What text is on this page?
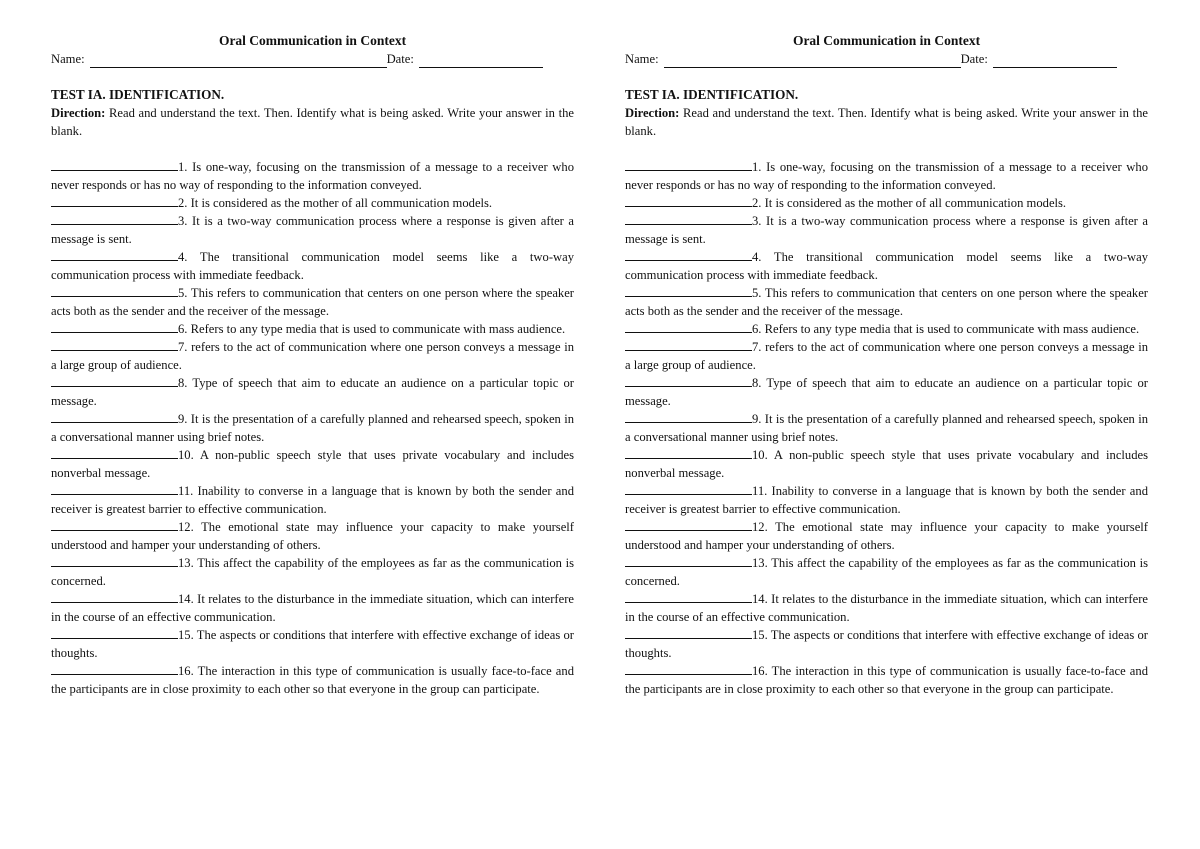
Oral Communication in Context
Name:	Date:
TEST IA. IDENTIFICATION.
Direction: Read and understand the text. Then. Identify what is being asked. Write your answer in the blank.
1. Is one-way, focusing on the transmission of a message to a receiver who never responds or has no way of responding to the information conveyed.
2. It is considered as the mother of all communication models.
3. It is a two-way communication process where a response is given after a message is sent.
4. The transitional communication model seems like a two-way communication process with immediate feedback.
5. This refers to communication that centers on one person where the speaker acts both as the sender and the receiver of the message.
6. Refers to any type media that is used to communicate with mass audience.
7. refers to the act of communication where one person conveys a message in a large group of audience.
8. Type of speech that aim to educate an audience on a particular topic or message.
9. It is the presentation of a carefully planned and rehearsed speech, spoken in a conversational manner using brief notes.
10. A non-public speech style that uses private vocabulary and includes nonverbal message.
11. Inability to converse in a language that is known by both the sender and receiver is greatest barrier to effective communication.
12. The emotional state may influence your capacity to make yourself understood and hamper your understanding of others.
13. This affect the capability of the employees as far as the communication is concerned.
14. It relates to the disturbance in the immediate situation, which can interfere in the course of an effective communication.
15. The aspects or conditions that interfere with effective exchange of ideas or thoughts.
16. The interaction in this type of communication is usually face-to-face and the participants are in close proximity to each other so that everyone in the group can participate.
Oral Communication in Context
Name:	Date:
TEST IA. IDENTIFICATION.
Direction: Read and understand the text. Then. Identify what is being asked. Write your answer in the blank.
1. Is one-way, focusing on the transmission of a message to a receiver who never responds or has no way of responding to the information conveyed.
2. It is considered as the mother of all communication models.
3. It is a two-way communication process where a response is given after a message is sent.
4. The transitional communication model seems like a two-way communication process with immediate feedback.
5. This refers to communication that centers on one person where the speaker acts both as the sender and the receiver of the message.
6. Refers to any type media that is used to communicate with mass audience.
7. refers to the act of communication where one person conveys a message in a large group of audience.
8. Type of speech that aim to educate an audience on a particular topic or message.
9. It is the presentation of a carefully planned and rehearsed speech, spoken in a conversational manner using brief notes.
10. A non-public speech style that uses private vocabulary and includes nonverbal message.
11. Inability to converse in a language that is known by both the sender and receiver is greatest barrier to effective communication.
12. The emotional state may influence your capacity to make yourself understood and hamper your understanding of others.
13. This affect the capability of the employees as far as the communication is concerned.
14. It relates to the disturbance in the immediate situation, which can interfere in the course of an effective communication.
15. The aspects or conditions that interfere with effective exchange of ideas or thoughts.
16. The interaction in this type of communication is usually face-to-face and the participants are in close proximity to each other so that everyone in the group can participate.
